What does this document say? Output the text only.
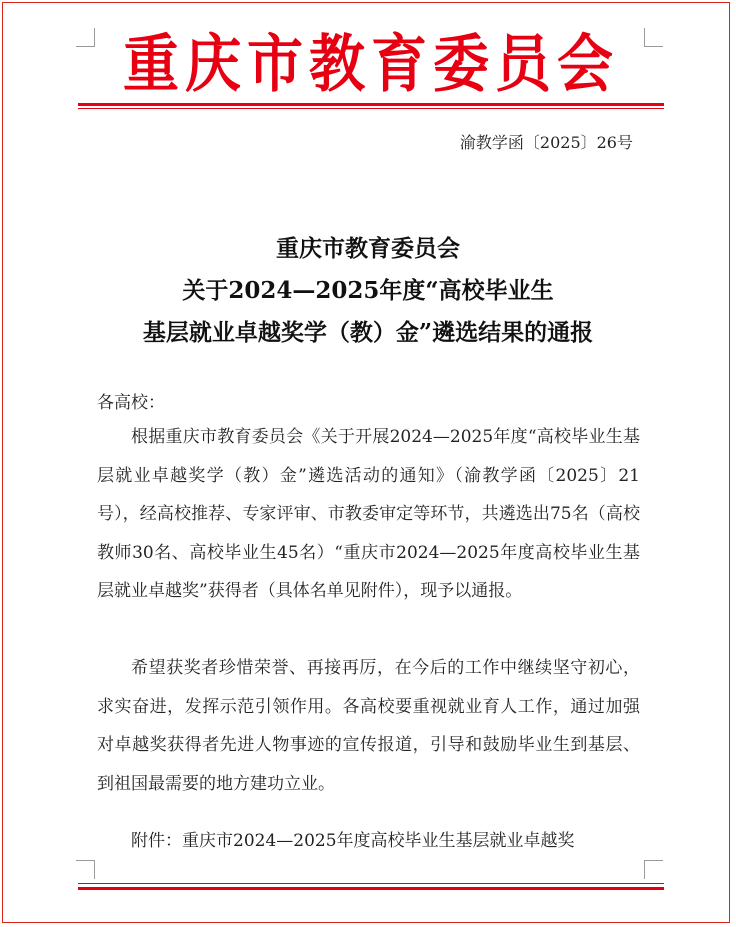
重庆市教育委员会
渝教学函〔2025〕26号
重庆市教育委员会
关于2024—2025年度“高校毕业生
基层就业卓越奖学（教）金”遴选结果的通报
各高校：

根据重庆市教育委员会《关于开展2024—2025年度“高校毕业生基层就业卓越奖学（教）金”遴选活动的通知》（渝教学函〔2025〕21号），经高校推荐、专家评审、市教委审定等环节，共遴选出75名（高校教师30名、高校毕业生45名）“重庆市2024—2025年度高校毕业生基层就业卓越奖”获得者（具体名单见附件），现予以通报。

希望获奖者珍惜荣誉、再接再厉，在今后的工作中继续坚守初心，求实奋进，发挥示范引领作用。各高校要重视就业育人工作，通过加强对卓越奖获得者先进人物事迹的宣传报道，引导和鼓励毕业生到基层、到祖国最需要的地方建功立业。

附件：重庆市2024—2025年度高校毕业生基层就业卓越奖
